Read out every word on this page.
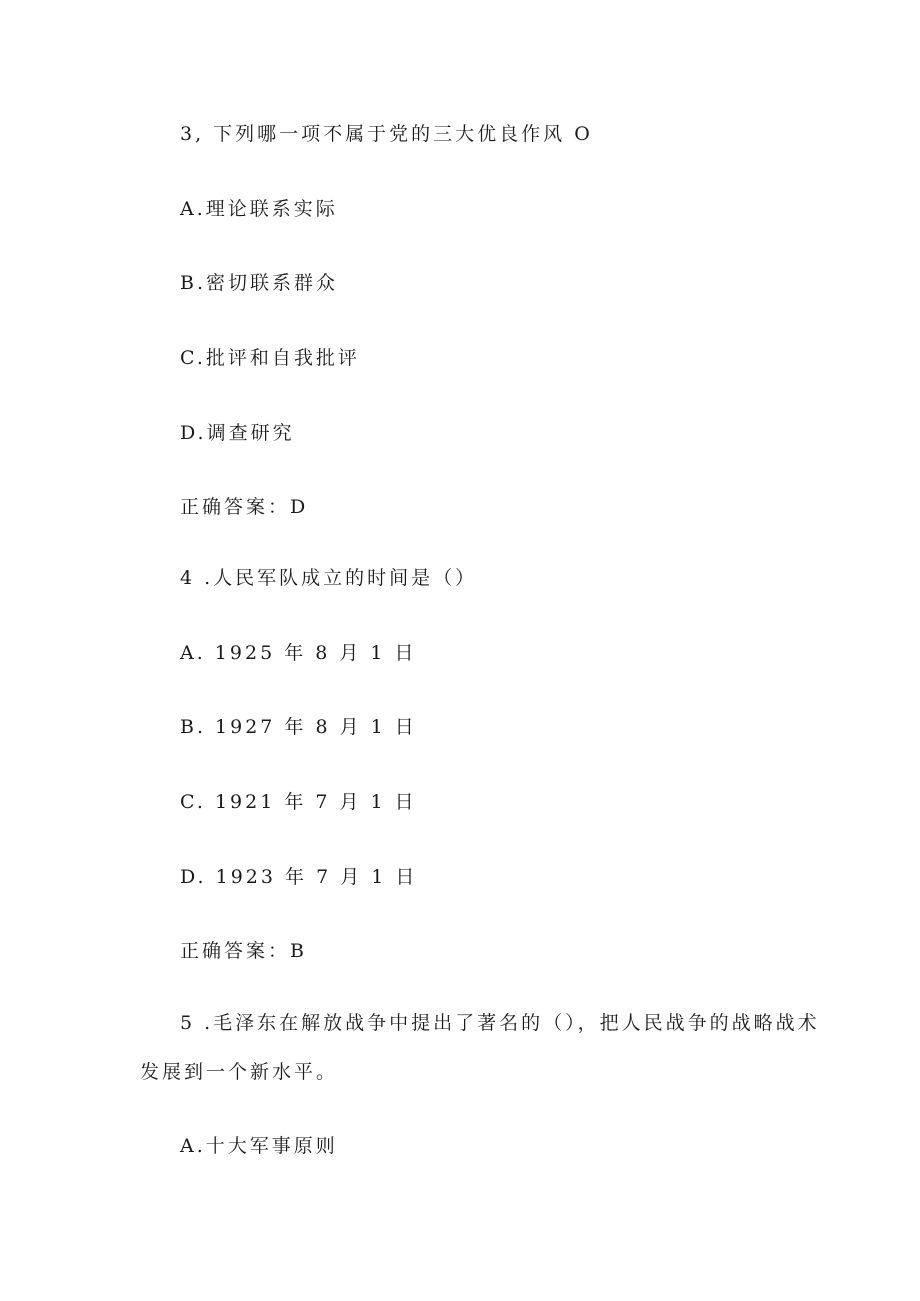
3, 下列哪一项不属于党的三大优良作风 O
A.理论联系实际
B.密切联系群众
C.批评和自我批评
D.调查研究
正确答案：D
4 .人民军队成立的时间是（）
A. 1925 年 8 月 1 日
B. 1927 年 8 月 1 日
C. 1921 年 7 月 1 日
D. 1923 年 7 月 1 日
正确答案：B
5 .毛泽东在解放战争中提出了著名的（），把人民战争的战略战术
发展到一个新水平。
A.十大军事原则
